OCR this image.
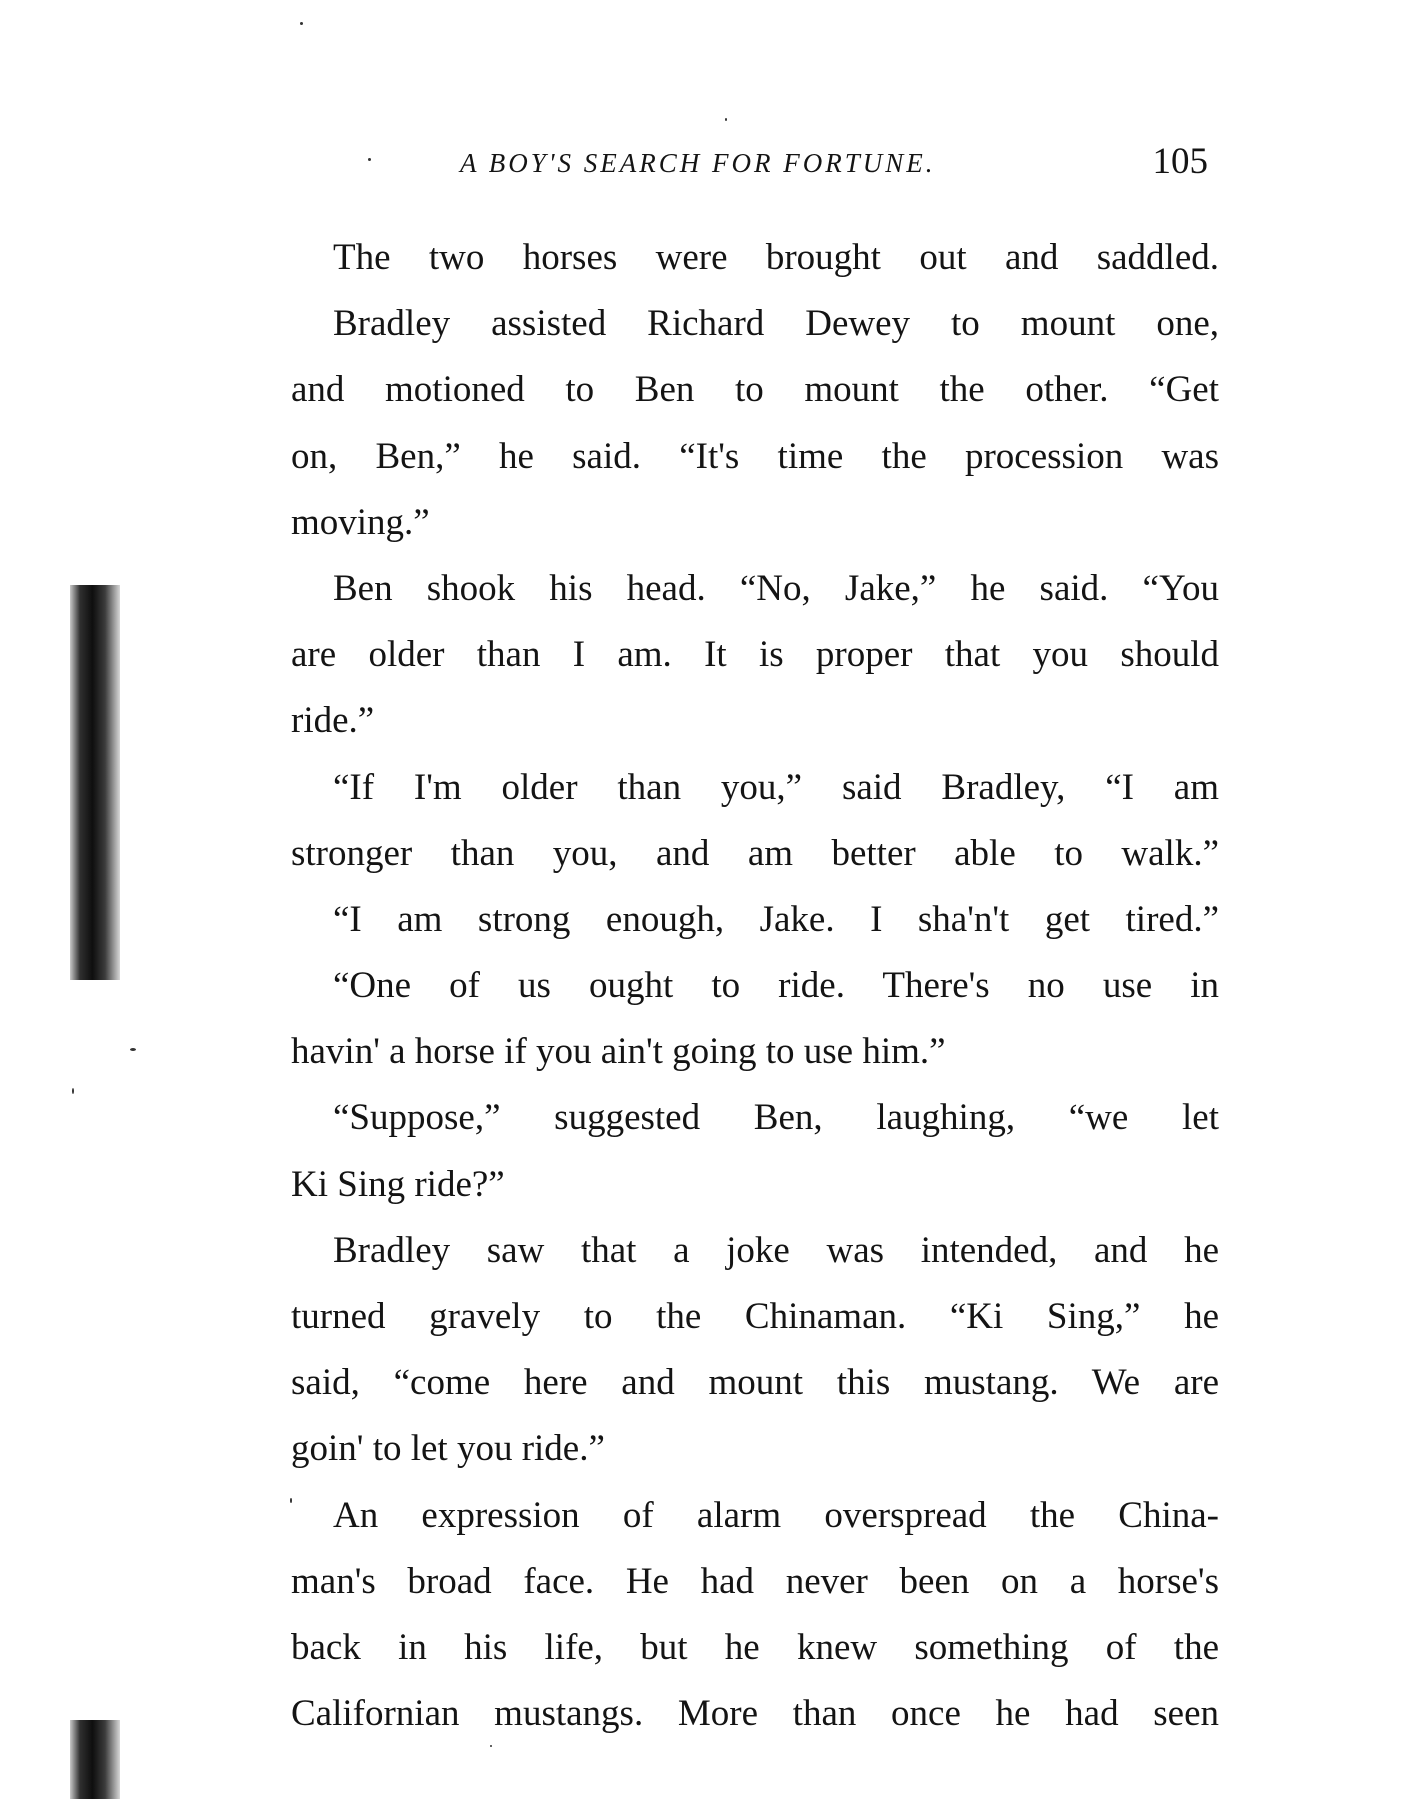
A BOY'S SEARCH FOR FORTUNE.	105
The two horses were brought out and saddled.
Bradley assisted Richard Dewey to mount one,
and motioned to Ben to mount the other. “Get
on, Ben,” he said. “It's time the procession was
moving.”
Ben shook his head. “No, Jake,” he said. “You
are older than I am. It is proper that you should
ride.”
“If I'm older than you,” said Bradley, “I am
stronger than you, and am better able to walk.”
“I am strong enough, Jake. I sha'n't get tired.”
“One of us ought to ride. There's no use in
havin' a horse if you ain't going to use him.”
“Suppose,” suggested Ben, laughing, “we let
Ki Sing ride?”
Bradley saw that a joke was intended, and he
turned gravely to the Chinaman. “Ki Sing,” he
said, “come here and mount this mustang. We are
goin' to let you ride.”
An expression of alarm overspread the China-
man's broad face. He had never been on a horse's
back in his life, but he knew something of the
Californian mustangs. More than once he had seen
